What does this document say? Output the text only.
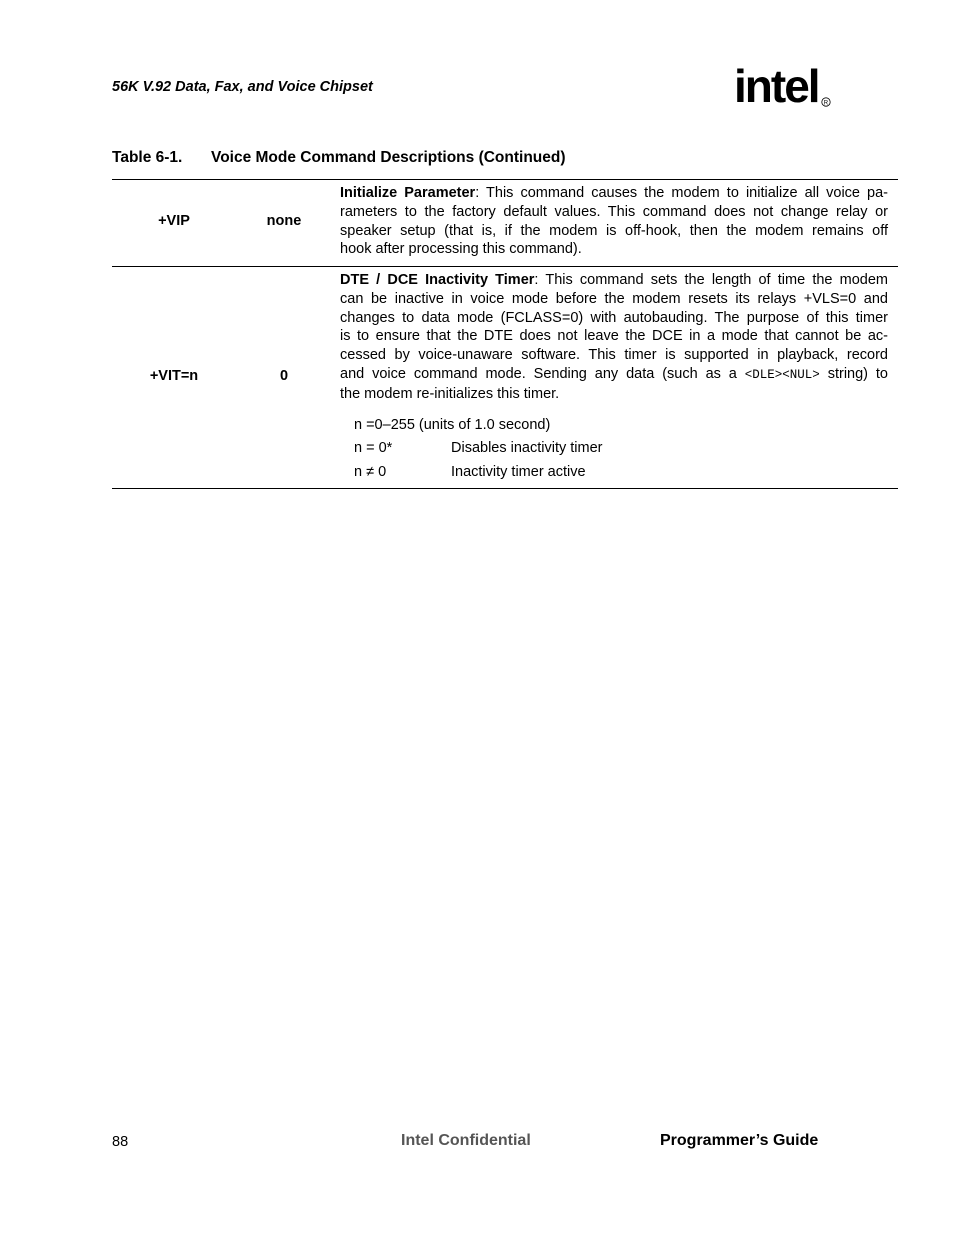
56K V.92 Data, Fax, and Voice Chipset	intel R
Table 6-1. Voice Mode Command Descriptions (Continued)
+VIP	none
Initialize Parameter: This command causes the modem to initialize all voice pa-
rameters to the factory default values. This command does not change relay or
speaker setup (that is, if the modem is off-hook, then the modem remains off
hook after processing this command).
+VIT=n	0
DTE / DCE Inactivity Timer: This command sets the length of time the modem
can be inactive in voice mode before the modem resets its relays +VLS=0 and
changes to data mode (FCLASS=0) with autobauding. The purpose of this timer
is to ensure that the DTE does not leave the DCE in a mode that cannot be ac-
cessed by voice-unaware software. This timer is supported in playback, record
and voice command mode. Sending any data (such as a <DLE><NUL> string) to
the modem re-initializes this timer.
n =0–255 (units of 1.0 second)
n = 0*	Disables inactivity timer
n ≠ 0	Inactivity timer active
88	Intel Confidential	Programmer’s Guide
